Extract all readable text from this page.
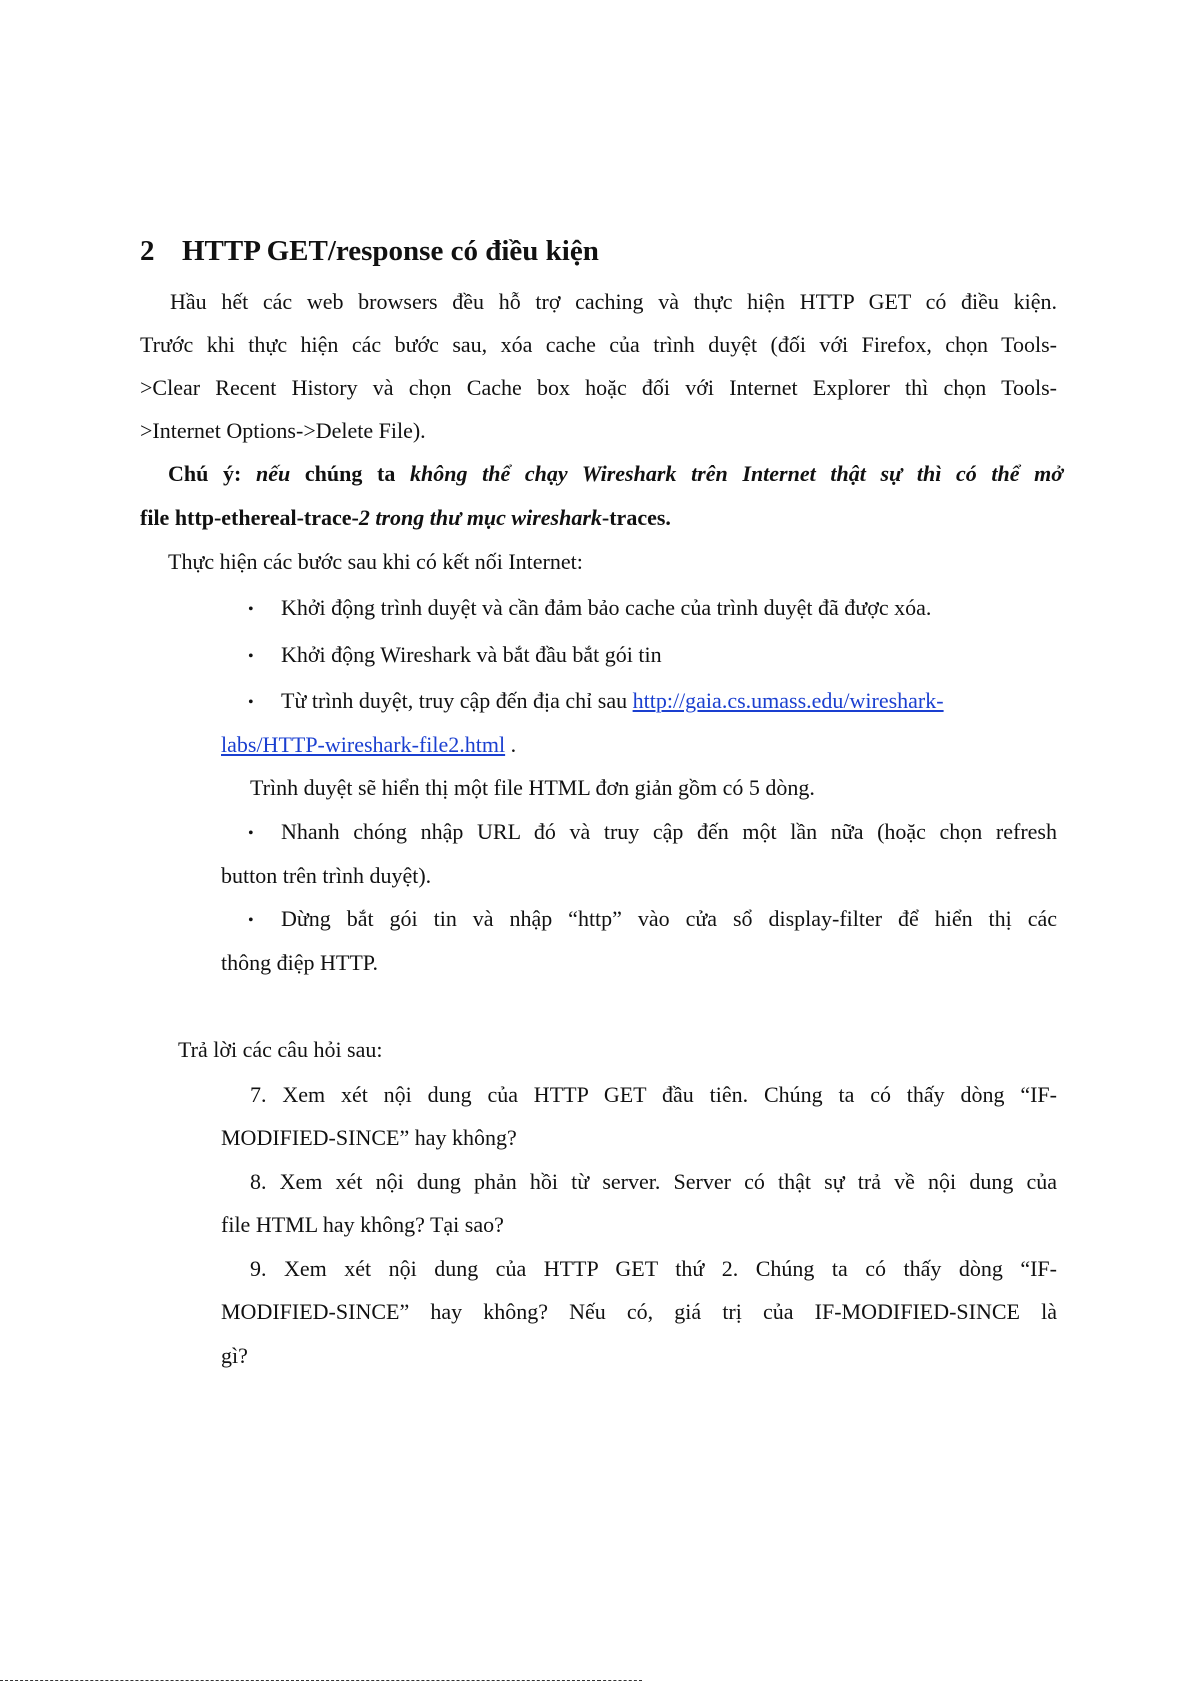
2 HTTP GET/response có điều kiện
Hầu hết các web browsers đều hỗ trợ caching và thực hiện HTTP GET có điều kiện.
Trước khi thực hiện các bước sau, xóa cache của trình duyệt (đối với Firefox, chọn Tools-
>Clear Recent History và chọn Cache box hoặc đối với Internet Explorer thì chọn Tools-
>Internet Options->Delete File).
Chú ý: nếu chúng ta không thể chạy Wireshark trên Internet thật sự thì có thể mở
file http-ethereal-trace-2 trong thư mục wireshark-traces.
Thực hiện các bước sau khi có kết nối Internet:
• Khởi động trình duyệt và cần đảm bảo cache của trình duyệt đã được xóa.
• Khởi động Wireshark và bắt đầu bắt gói tin
• Từ trình duyệt, truy cập đến địa chỉ sau http://gaia.cs.umass.edu/wireshark-
labs/HTTP-wireshark-file2.html .
Trình duyệt sẽ hiển thị một file HTML đơn giản gồm có 5 dòng.
• Nhanh chóng nhập URL đó và truy cập đến một lần nữa (hoặc chọn refresh
button trên trình duyệt).
• Dừng bắt gói tin và nhập “http” vào cửa sổ display-filter để hiển thị các
thông điệp HTTP.
Trả lời các câu hỏi sau:
7. Xem xét nội dung của HTTP GET đầu tiên. Chúng ta có thấy dòng “IF-
MODIFIED-SINCE” hay không?
8. Xem xét nội dung phản hồi từ server. Server có thật sự trả về nội dung của
file HTML hay không? Tại sao?
9. Xem xét nội dung của HTTP GET thứ 2. Chúng ta có thấy dòng “IF-
MODIFIED-SINCE” hay không? Nếu có, giá trị của IF-MODIFIED-SINCE là
gì?
